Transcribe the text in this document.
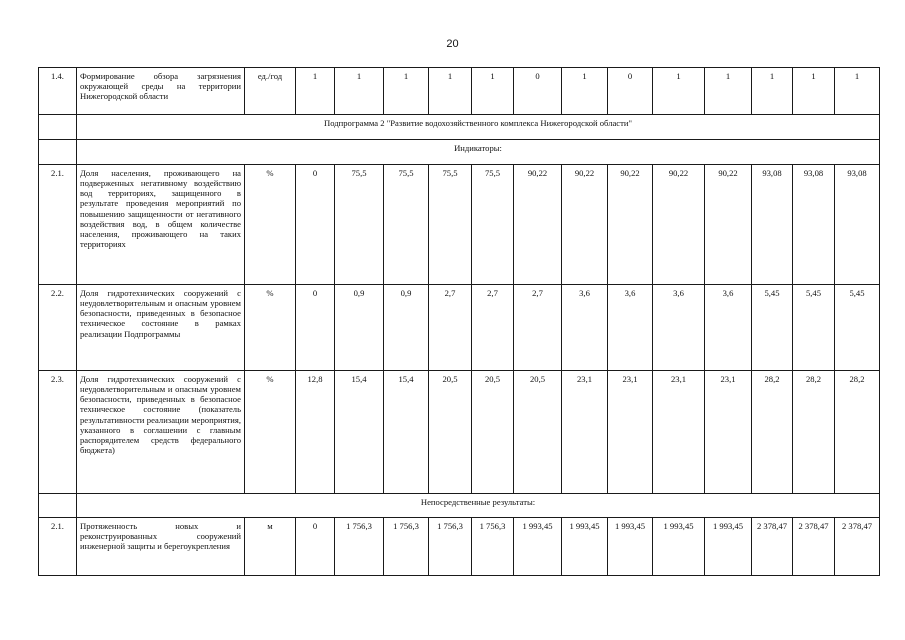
20
1.4.	Формирование обзора загрязнения окружающей среды на территории Нижегородской области	ед./год	1	1	1	1	1	0	1	0	1	1	1	1	1
	Подпрограмма 2 "Развитие водохозяйственного комплекса Нижегородской области"														
	Индикаторы:														
2.1.	Доля населения, проживающего на подверженных негативному воздействию вод территориях, защищенного в результате проведения мероприятий по повышению защищенности от негативного воздействия вод, в общем количестве населения, проживающего на таких территориях	%	0	75,5	75,5	75,5	75,5	90,22	90,22	90,22	90,22	90,22	93,08	93,08	93,08
2.2.	Доля гидротехнических сооружений с неудовлетворительным и опасным уровнем безопасности, приведенных в безопасное техническое состояние в рамках реализации Подпрограммы	%	0	0,9	0,9	2,7	2,7	2,7	3,6	3,6	3,6	3,6	5,45	5,45	5,45
2.3.	Доля гидротехнических сооружений с неудовлетворительным и опасным уровнем безопасности, приведенных в безопасное техническое состояние (показатель результативности реализации мероприятия, указанного в соглашении с главным распорядителем средств федерального бюджета)	%	12,8	15,4	15,4	20,5	20,5	20,5	23,1	23,1	23,1	23,1	28,2	28,2	28,2
	Непосредственные результаты:														
2.1.	Протяженность новых и реконструированных сооружений инженерной защиты и берегоукрепления	м	0	1 756,3	1 756,3	1 756,3	1 756,3	1 993,45	1 993,45	1 993,45	1 993,45	1 993,45	2 378,47	2 378,47	2 378,47
